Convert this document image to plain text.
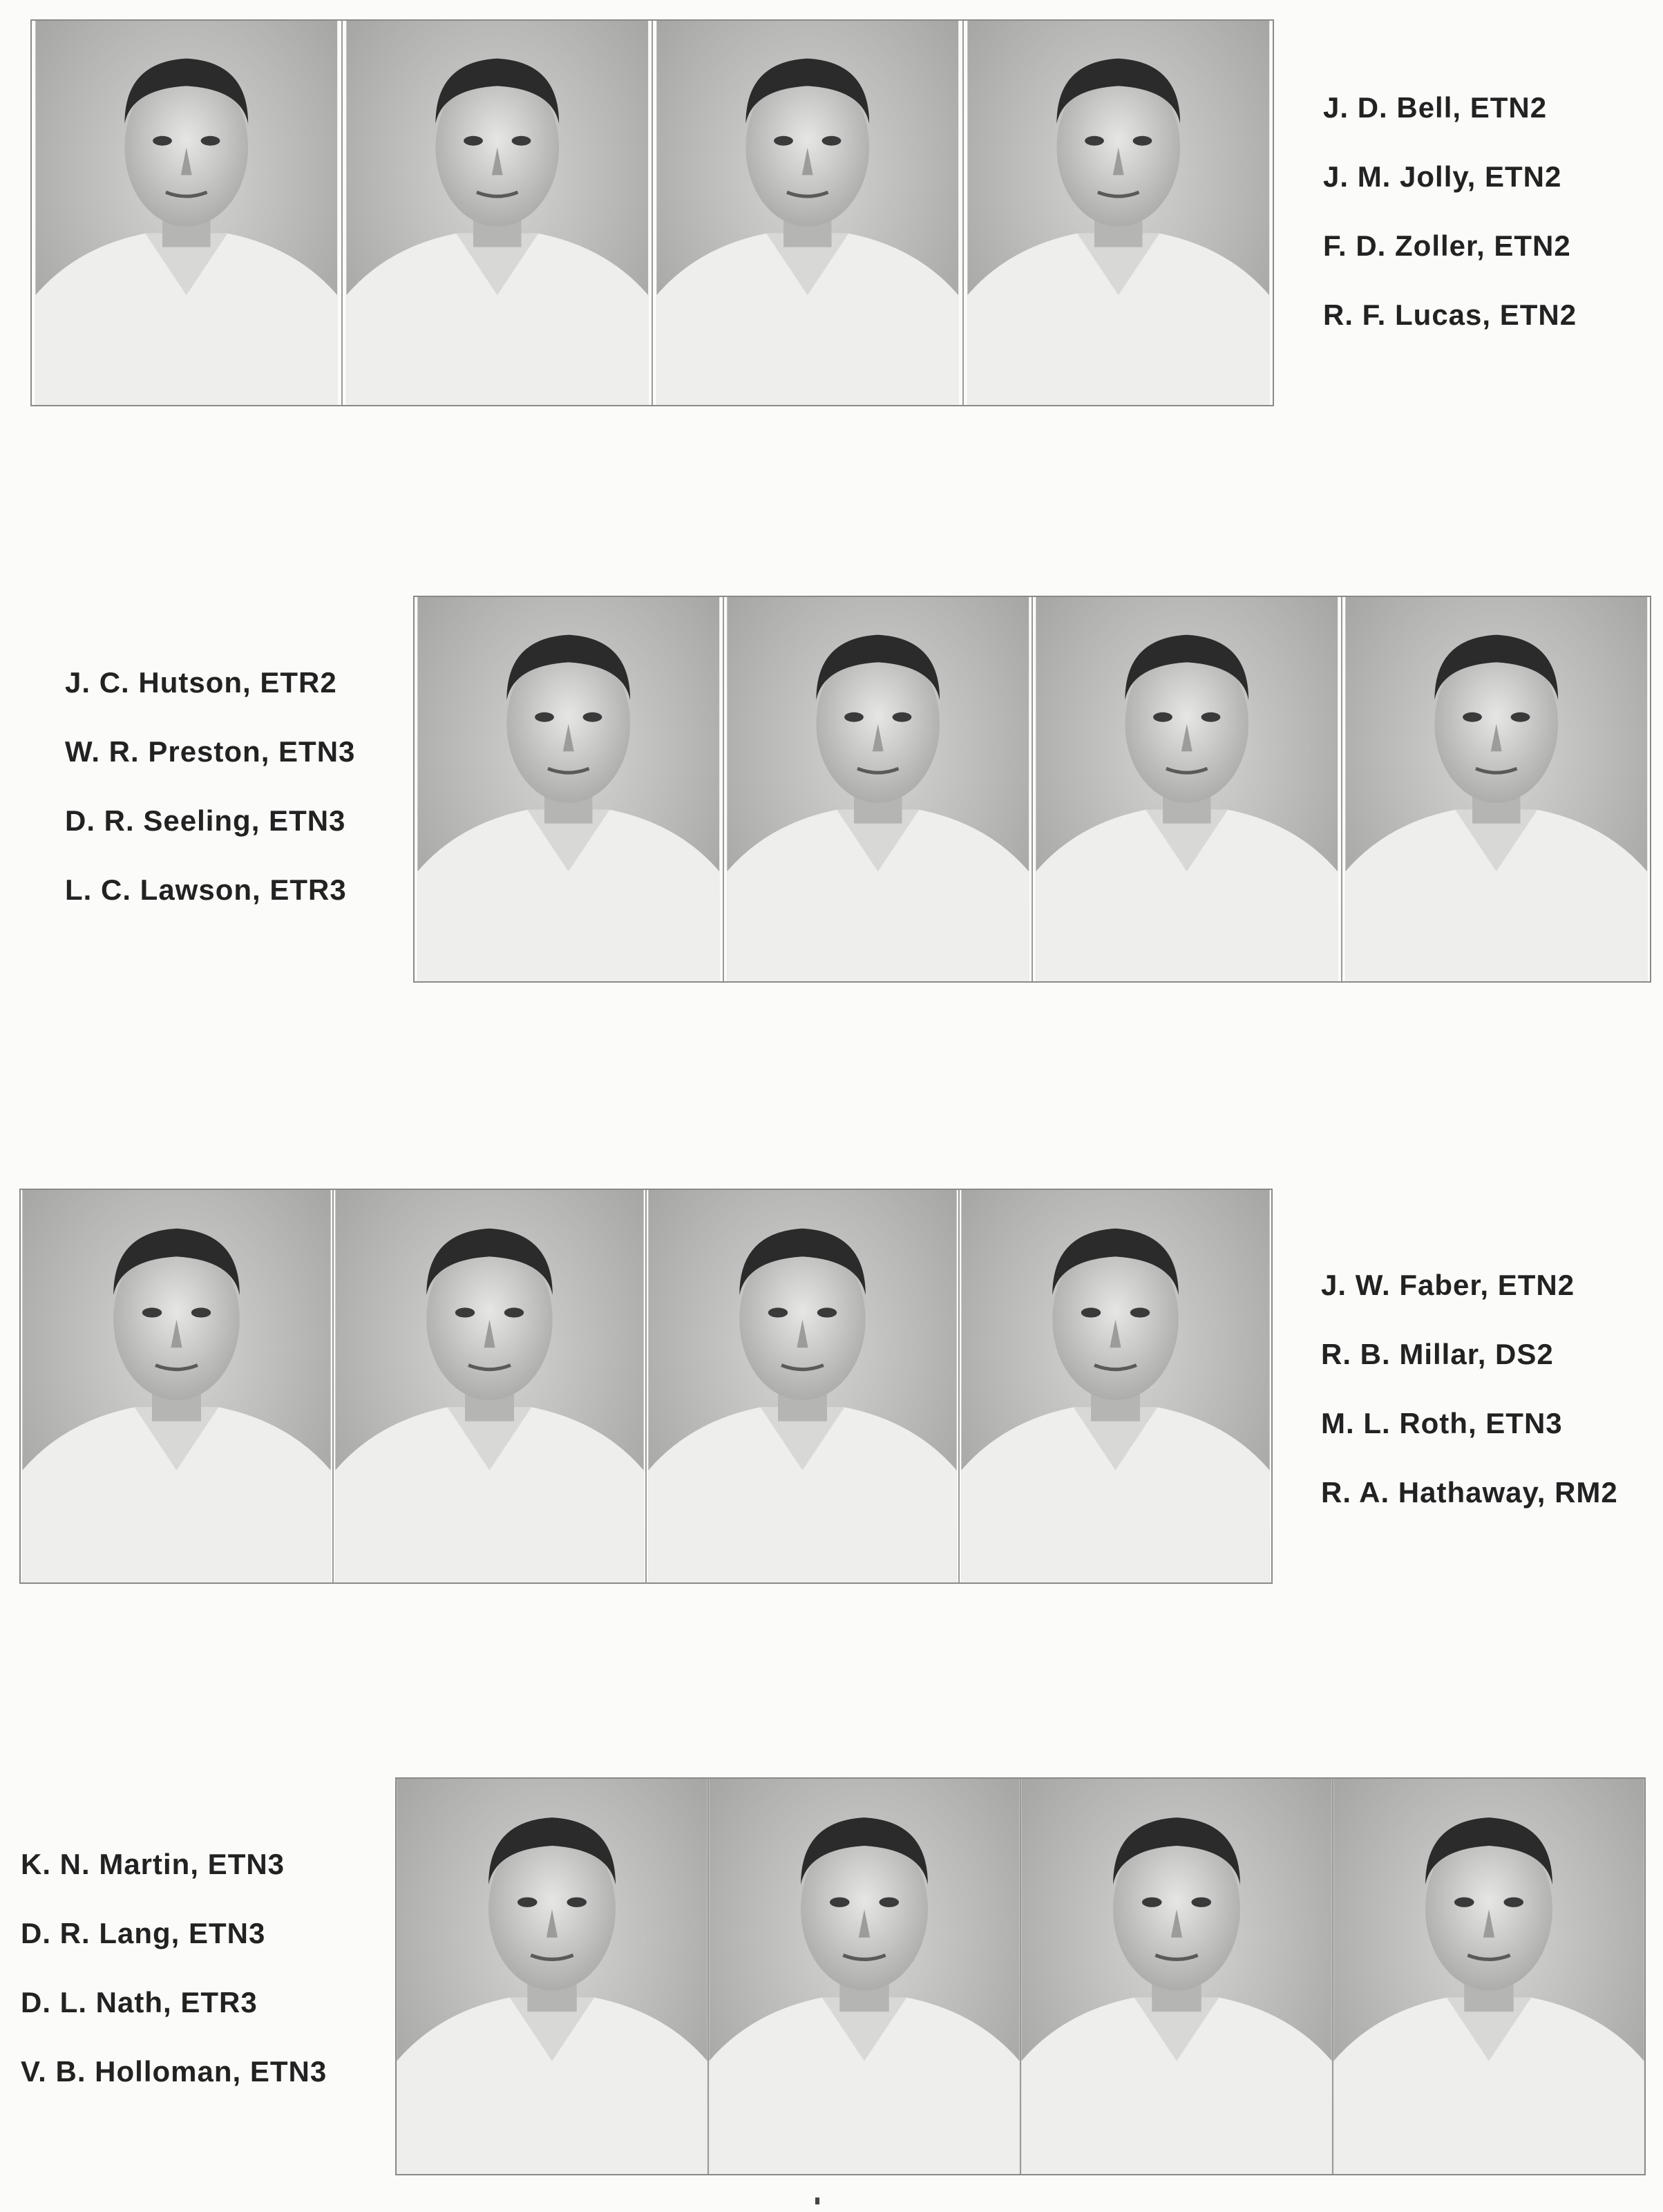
J. D. Bell, ETN2
J. M. Jolly, ETN2
F. D. Zoller, ETN2
R. F. Lucas, ETN2
J. C. Hutson, ETR2
W. R. Preston, ETN3
D. R. Seeling, ETN3
L. C. Lawson, ETR3
J. W. Faber, ETN2
R. B. Millar, DS2
M. L. Roth, ETN3
R. A. Hathaway, RM2
K. N. Martin, ETN3
D. R. Lang, ETN3
D. L. Nath, ETR3
V. B. Holloman, ETN3
